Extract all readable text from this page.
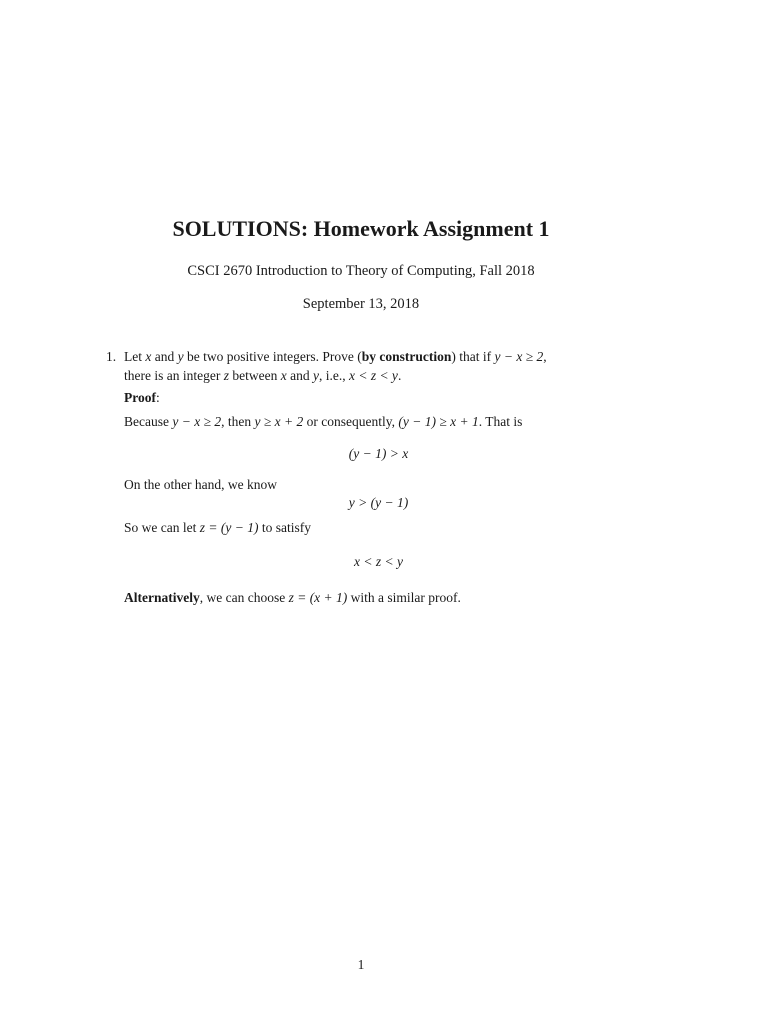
SOLUTIONS: Homework Assignment 1
CSCI 2670 Introduction to Theory of Computing, Fall 2018
September 13, 2018
1. Let x and y be two positive integers. Prove (by construction) that if y − x ≥ 2,
there is an integer z between x and y, i.e., x < z < y.
Proof:
Because y − x ≥ 2, then y ≥ x + 2 or consequently, (y − 1) ≥ x + 1. That is
(y − 1) > x
On the other hand, we know
y > (y − 1)
So we can let z = (y − 1) to satisfy
x < z < y
Alternatively, we can choose z = (x + 1) with a similar proof.
1
